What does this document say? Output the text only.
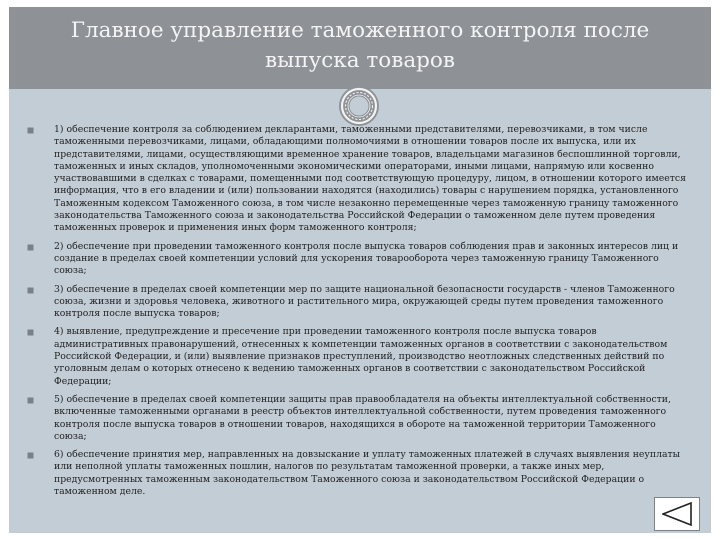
Главное управление таможенного контроля после выпуска товаров
1) обеспечение контроля за соблюдением декларантами, таможенными представителями, перевозчиками, в том числе таможенными перевозчиками, лицами, обладающими полномочиями в отношении товаров после их выпуска, или их представителями, лицами, осуществляющими временное хранение товаров, владельцами магазинов беспошлинной торговли, таможенных и иных складов, уполномоченными экономическими операторами, иными лицами, напрямую или косвенно участвовавшими в сделках с товарами, помещенными под соответствующую процедуру, лицом, в отношении которого имеется информация, что в его владении и (или) пользовании находятся (находились) товары с нарушением порядка, установленного Таможенным кодексом Таможенного союза, в том числе незаконно перемещенные через таможенную границу таможенного законодательства Таможенного союза и законодательства Российской Федерации о таможенном деле путем проведения таможенных проверок и применения иных форм таможенного контроля;
2) обеспечение при проведении таможенного контроля после выпуска товаров соблюдения прав и законных интересов лиц и создание в пределах своей компетенции условий для ускорения товарооборота через таможенную границу Таможенного союза;
3) обеспечение в пределах своей компетенции мер по защите национальной безопасности государств - членов Таможенного союза, жизни и здоровья человека, животного и растительного мира, окружающей среды путем проведения таможенного контроля после выпуска товаров;
4) выявление, предупреждение и пресечение при проведении таможенного контроля после выпуска товаров административных правонарушений, отнесенных к компетенции таможенных органов в соответствии с законодательством Российской Федерации, и (или) выявление признаков преступлений, производство неотложных следственных действий по уголовным делам о которых отнесено к ведению таможенных органов в соответствии с законодательством Российской Федерации;
5) обеспечение в пределах своей компетенции защиты прав правообладателя на объекты интеллектуальной собственности, включенные таможенными органами в реестр объектов интеллектуальной собственности, путем проведения таможенного контроля после выпуска товаров в отношении товаров, находящихся в обороте на таможенной территории Таможенного союза;
6) обеспечение принятия мер, направленных на довзыскание и уплату таможенных платежей в случаях выявления неуплаты или неполной уплаты таможенных пошлин, налогов по результатам таможенной проверки, а также иных мер, предусмотренных таможенным законодательством Таможенного союза и законодательством Российской Федерации о таможенном деле.
